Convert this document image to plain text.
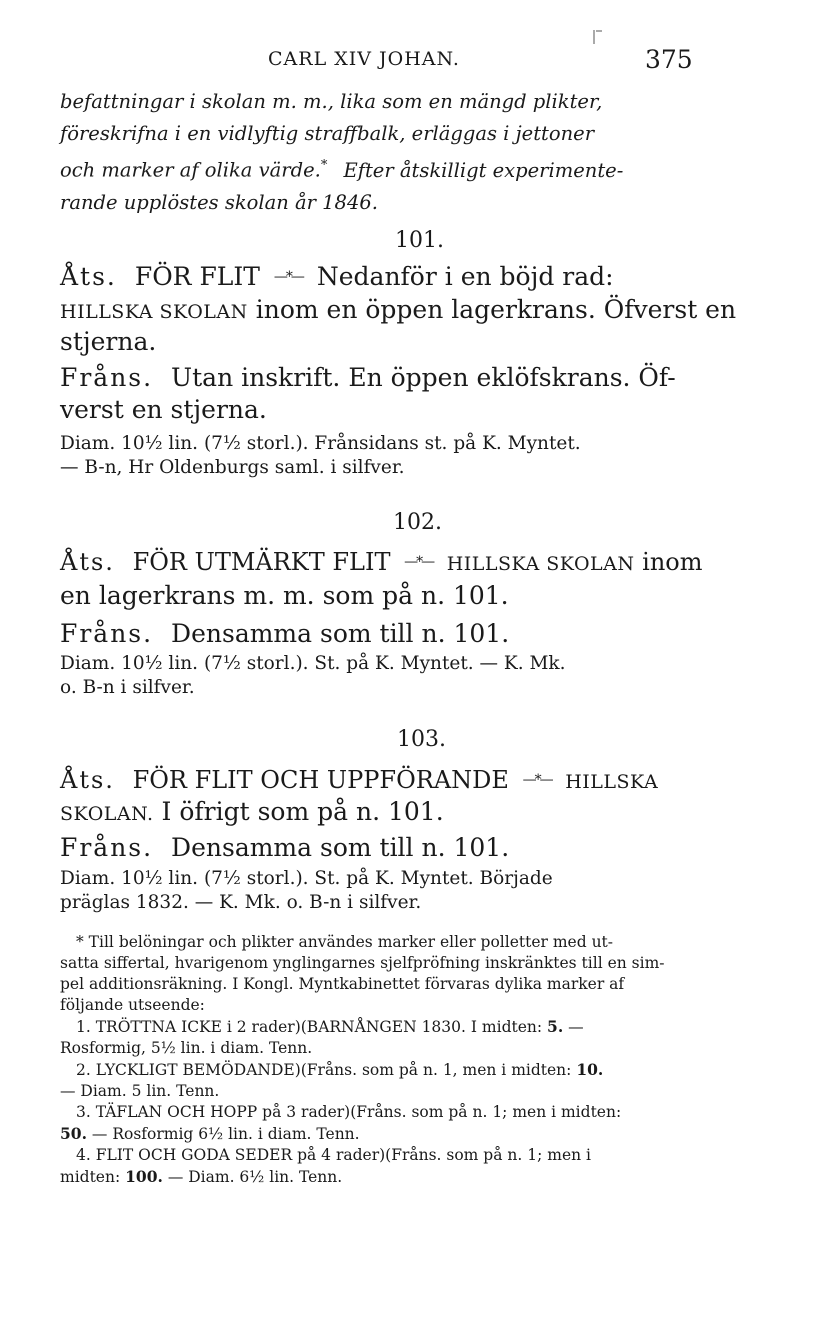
CARL XIV JOHAN.	375
befattningar i skolan m. m., lika som en mängd plikter,
föreskrifna i en vidlyftig straffbalk, erläggas i jettoner
och marker af olika värde.* Efter åtskilligt experimente-
rande upplöstes skolan år 1846.
101.
Åts. FÖR FLIT —*— Nedanför i en böjd rad:
HILLSKA SKOLAN inom en öppen lagerkrans. Öfverst en
stjerna.
Fråns. Utan inskrift. En öppen eklöfskrans. Öf-
verst en stjerna.
Diam. 10½ lin. (7½ storl.). Frånsidans st. på K. Myntet.
— B-n, Hr Oldenburgs saml. i silfver.
102.
Åts. FÖR UTMÄRKT FLIT —*— HILLSKA SKOLAN inom
en lagerkrans m. m. som på n. 101.
Fråns. Densamma som till n. 101.
Diam. 10½ lin. (7½ storl.). St. på K. Myntet. — K. Mk.
o. B-n i silfver.
103.
Åts. FÖR FLIT OCH UPPFÖRANDE —*— HILLSKA
SKOLAN. I öfrigt som på n. 101.
Fråns. Densamma som till n. 101.
Diam. 10½ lin. (7½ storl.). St. på K. Myntet. Började
präglas 1832. — K. Mk. o. B-n i silfver.
* Till belöningar och plikter användes marker eller polletter med ut-
satta siffertal, hvarigenom ynglingarnes sjelfpröfning inskränktes till en sim-
pel additionsräkning. I Kongl. Myntkabinettet förvaras dylika marker af
följande utseende:
1. TRÖTTNA ICKE i 2 rader)(BARNÅNGEN 1830. I midten: 5. —
Rosformig, 5½ lin. i diam. Tenn.
2. LYCKLIGT BEMÖDANDE)(Fråns. som på n. 1, men i midten: 10.
— Diam. 5 lin. Tenn.
3. TÄFLAN OCH HOPP på 3 rader)(Fråns. som på n. 1; men i midten:
50. — Rosformig 6½ lin. i diam. Tenn.
4. FLIT OCH GODA SEDER på 4 rader)(Fråns. som på n. 1; men i
midten: 100. — Diam. 6½ lin. Tenn.
